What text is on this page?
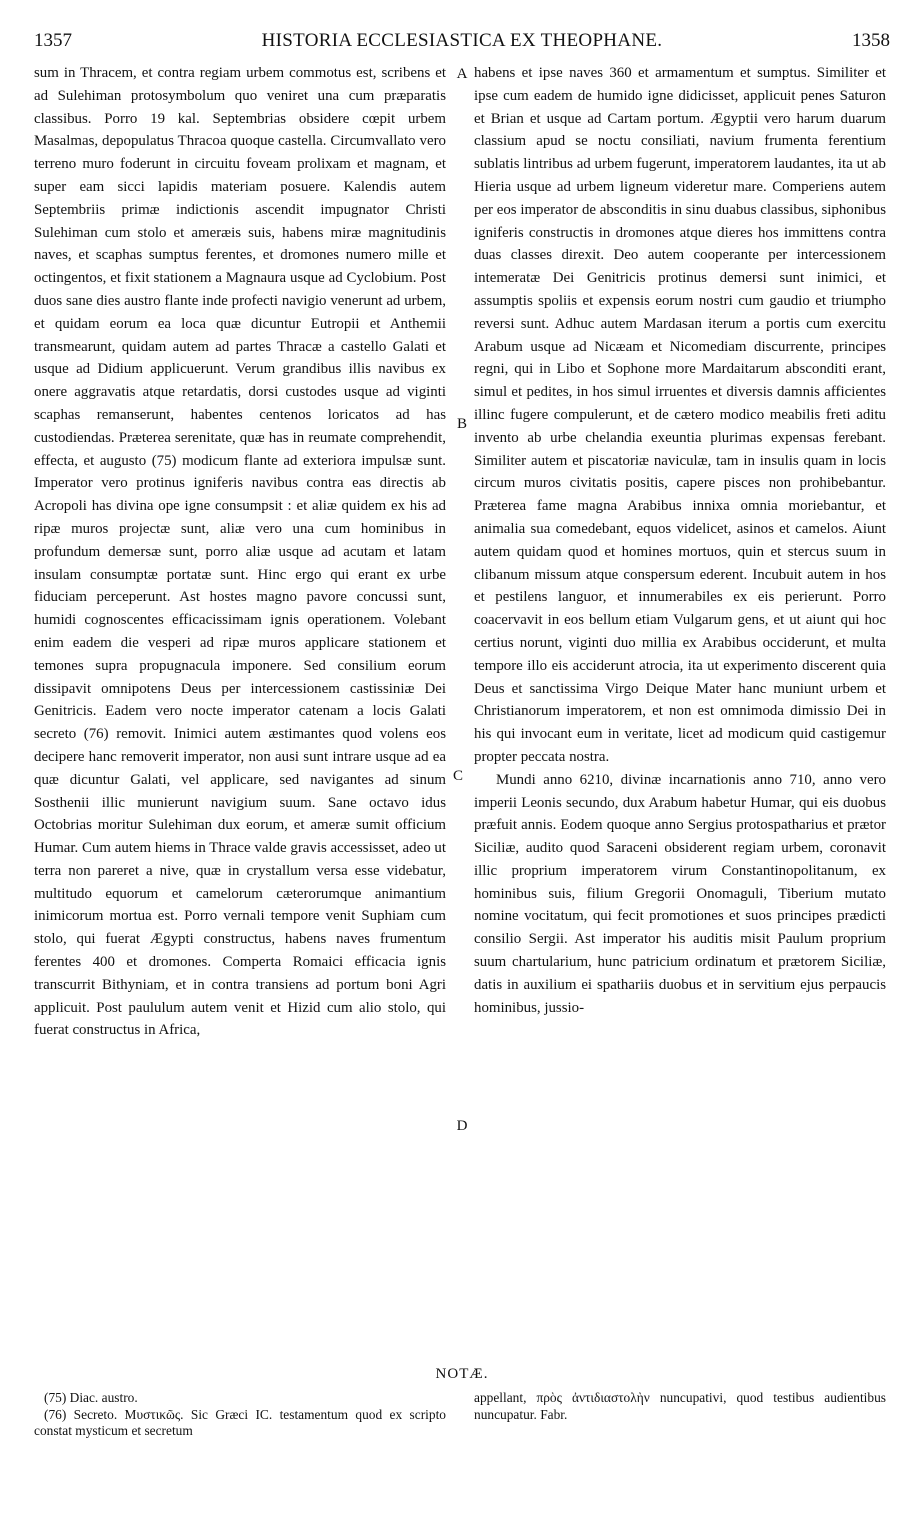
1357	HISTORIA ECCLESIASTICA EX THEOPHANE.	1358

sum in Thracem, et contra regiam urbem commotus est, scribens et ad Sulehiman protosymbolum quo veniret una cum præparatis classibus. Porro 19 kal. Septembrias obsidere cœpit urbem Masalmas, depopulatus Thracoa quoque castella. Circumvallato vero terreno muro foderunt in circuitu foveam prolixam et magnam, et super eam sicci lapidis materiam posuere. Kalendis autem Septembriis primæ indictionis ascendit impugnator Christi Sulehiman cum stolo et ameræis suis, habens miræ magnitudinis naves, et scaphas sumptus ferentes, et dromones numero mille et octingentos, et fixit stationem a Magnaura usque ad Cyclobium. Post duos sane dies austro flante inde profecti navigio venerunt ad urbem, et quidam eorum ea loca quæ dicuntur Eutropii et Anthemii transmearunt, quidam autem ad partes Thracæ a castello Galati et usque ad Didium applicuerunt. Verum grandibus illis navibus ex onere aggravatis atque retardatis, dorsi custodes usque ad viginti scaphas remanserunt, habentes centenos loricatos ad has custodiendas. Præterea serenitate, quæ has in reumate comprehendit, effecta, et augusto (75) modicum flante ad exteriora impulsæ sunt. Imperator vero protinus igniferis navibus contra eas directis ab Acropoli has divina ope igne consumpsit : et aliæ quidem ex his ad ripæ muros projectæ sunt, aliæ vero una cum hominibus in profundum demersæ sunt, porro aliæ usque ad acutam et latam insulam consumptæ portatæ sunt. Hinc ergo qui erant ex urbe fiduciam perceperunt. Ast hostes magno pavore concussi sunt, humidi cognoscentes efficacissimam ignis operationem. Volebant enim eadem die vesperi ad ripæ muros applicare stationem et temones supra propugnacula imponere. Sed consilium eorum dissipavit omnipotens Deus per intercessionem castissiniæ Dei Genitricis. Eadem vero nocte imperator catenam a locis Galati secreto (76) removit. Inimici autem æstimantes quod volens eos decipere hanc removerit imperator, non ausi sunt intrare usque ad ea quæ dicuntur Galati, vel applicare, sed navigantes ad sinum Sosthenii illic munierunt navigium suum. Sane octavo idus Octobrias moritur Sulehiman dux eorum, et ameræ sumit officium Humar. Cum autem hiems in Thrace valde gravis accessisset, adeo ut terra non pareret a nive, quæ in crystallum versa esse videbatur, multitudo equorum et camelorum cæterorumque animantium inimicorum mortua est. Porro vernali tempore venit Suphiam cum stolo, qui fuerat Ægypti constructus, habens naves frumentum ferentes 400 et dromones. Comperta Romaici efficacia ignis transcurrit Bithyniam, et in contra transiens ad portum boni Agri applicuit. Post paululum autem venit et Hizid cum alio stolo, qui fuerat constructus in Africa,

A
B
C
D

habens et ipse naves 360 et armamentum et sumptus. Similiter et ipse cum eadem de humido igne didicisset, applicuit penes Saturon et Brian et usque ad Cartam portum. Ægyptii vero harum duarum classium apud se noctu consiliati, navium frumenta ferentium sublatis lintribus ad urbem fugerunt, imperatorem laudantes, ita ut ab Hieria usque ad urbem ligneum videretur mare. Comperiens autem per eos imperator de absconditis in sinu duabus classibus, siphonibus igniferis constructis in dromones atque dieres hos immittens contra duas classes direxit. Deo autem cooperante per intercessionem intemeratæ Dei Genitricis protinus demersi sunt inimici, et assumptis spoliis et expensis eorum nostri cum gaudio et triumpho reversi sunt. Adhuc autem Mardasan iterum a portis cum exercitu Arabum usque ad Nicæam et Nicomediam discurrente, principes regni, qui in Libo et Sophone more Mardaitarum absconditi erant, simul et pedites, in hos simul irruentes et diversis damnis afficientes illinc fugere compulerunt, et de cætero modico meabilis freti aditu invento ab urbe chelandia exeuntia plurimas expensas ferebant. Similiter autem et piscatoriæ naviculæ, tam in insulis quam in locis circum muros civitatis positis, capere pisces non prohibebantur. Præterea fame magna Arabibus innixa omnia moriebantur, et animalia sua comedebant, equos videlicet, asinos et camelos. Aiunt autem quidam quod et homines mortuos, quin et stercus suum in clibanum missum atque conspersum ederent. Incubuit autem in hos et pestilens languor, et innumerabiles ex eis perierunt. Porro coacervavit in eos bellum etiam Vulgarum gens, et ut aiunt qui hoc certius norunt, viginti duo millia ex Arabibus occiderunt, et multa tempore illo eis acciderunt atrocia, ita ut experimento discerent quia Deus et sanctissima Virgo Deique Mater hanc muniunt urbem et Christianorum imperatorem, et non est omnimoda dimissio Dei in his qui invocant eum in veritate, licet ad modicum quid castigemur propter peccata nostra.

Mundi anno 6210, divinæ incarnationis anno 710, anno vero imperii Leonis secundo, dux Arabum habetur Humar, qui eis duobus præfuit annis. Eodem quoque anno Sergius protospatharius et prætor Siciliæ, audito quod Saraceni obsiderent regiam urbem, coronavit illic proprium imperatorem virum Constantinopolitanum, ex hominibus suis, filium Gregorii Onomaguli, Tiberium mutato nomine vocitatum, qui fecit promotiones et suos principes prædicti consilio Sergii. Ast imperator his auditis misit Paulum proprium suum chartularium, hunc patricium ordinatum et prætorem Siciliæ, datis in auxilium ei spathariis duobus et in servitium ejus perpaucis hominibus, jussio-

NOTÆ.

(75) Diac. austro.

(76) Secreto. Μυστικῶς. Sic Græci IC. testamentum quod ex scripto constat mysticum et secretum

appellant, πρὸς ἀντιδιαστολὴν nuncupativi, quod testibus audientibus nuncupatur. Fabr.
